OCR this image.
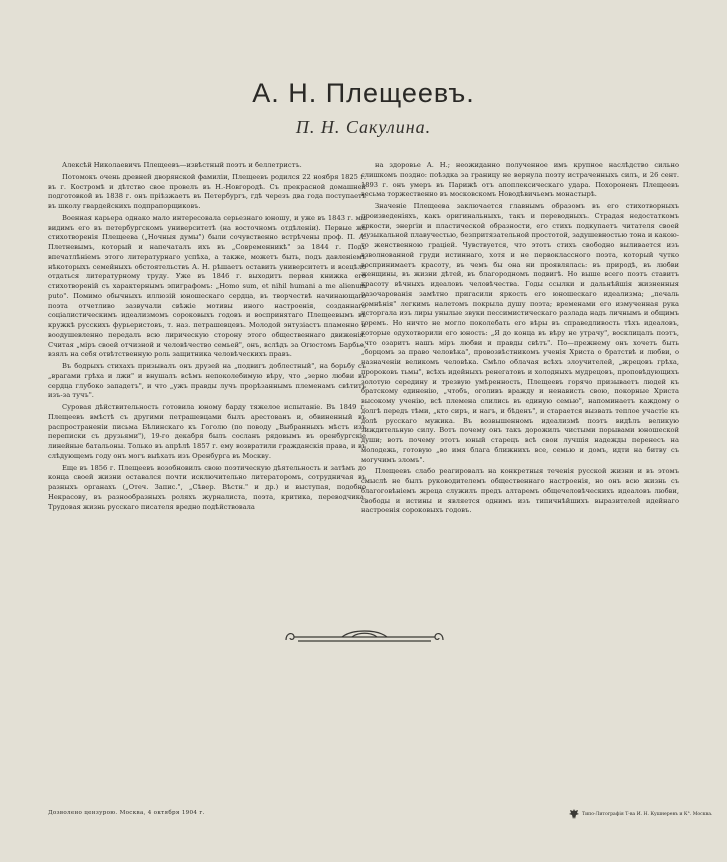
А. Н. Плещеевъ.
П. Н. Сакулина.

Алексѣй Николаевичъ Плещеевъ—извѣстный поэтъ и беллетристъ.

Потомокъ очень древней дворянской фамиліи, Плещеевъ родился 22 ноября 1825 г. въ г. Костромѣ и дѣтство свое провелъ въ Н.-Новгородѣ. Съ прекрасной домашней подготовкой въ 1838 г. онъ пріѣзжаетъ въ Петербургъ, гдѣ черезъ два года поступаетъ въ школу гвардейскихъ подпрапорщиковъ.

Военная карьера однако мало интересовала серьезнаго юношу, и уже въ 1843 г. мы видимъ его въ петербургскомъ университетѣ (на восточномъ отдѣленіи). Первые же стихотворенія Плещеева („Ночныя думы") были сочувственно встрѣчены проф. П. А. Плетневымъ, который и напечаталъ ихъ въ „Современникѣ" за 1844 г. Подъ впечатлѣніемъ этого литературнаго успѣха, а также, можетъ быть, подъ давленіемъ нѣкоторыхъ семейныхъ обстоятельствъ А. Н. рѣшаетъ оставить университетъ и всецѣло отдаться литературному труду. Уже въ 1846 г. выходитъ первая книжка его стихотвореній съ характернымъ эпиграфомъ: „Homo sum, et nihil humani a me alienum puto". Помимо обычныхъ иллюзій юношескаго сердца, въ творчествѣ начинающаго поэта отчетливо зазвучали свѣжіе мотивы иного настроенія, созданнаго соціалистическимъ идеализмомъ сороковыхъ годовъ и воспринятаго Плещеевымъ въ кружкѣ русскихъ фурьеристовъ, т. наз. петрашевцевъ. Молодой энтузіастъ пламенно и воодушевленно передалъ всю лирическую сторону этого общественнаго движенія. Считая „міръ своей отчизной и человѣчество семьей", онъ, вслѣдъ за Огюстомъ Барбье, взялъ на себя отвѣтственную роль защитника человѣческихъ правъ.

Въ бодрыхъ стихахъ призывалъ онъ друзей на „подвигъ доблестный", на борьбу съ „врагами грѣха и лжи" и внушалъ всѣмъ непоколебимую вѣру, что „зерно любви въ сердца глубоко западетъ", и что „ужъ правды лучъ прорѣзаннымъ племенамъ свѣтитъ изъ-за тучъ".

Суровая дѣйствительность готовила юному барду тяжелое испытаніе. Въ 1849 г. Плещеевъ вмѣстѣ съ другими петрашевцами былъ арестованъ и, обвиненный въ распространеніи письма Бѣлинскаго къ Гоголю (по поводу „Выбранныхъ мѣстъ изъ переписки съ друзьями"), 19-го декабря былъ сосланъ рядовымъ въ оренбургскіе линейные батальоны. Только въ апрѣлѣ 1857 г. ему возвратили гражданскія права, и въ слѣдующемъ году онъ могъ выѣхать изъ Оренбурга въ Москву.

Еще въ 1856 г. Плещеевъ возобновилъ свою поэтическую дѣятельность и затѣмъ до конца своей жизни оставался почти исключительно литераторомъ, сотрудничая въ разныхъ органахъ („Отеч. Запис.", „Сѣвер. Вѣстн." и др.) и выступая, подобно Некрасову, въ разнообразныхъ роляхъ журналиста, поэта, критика, переводчика. Трудовая жизнь русскаго писателя вредно подѣйствовала

на здоровье А. Н.; неожиданно полученное имъ крупное наслѣдство сильно слишкомъ поздно: поѣздка за границу не вернула поэту истраченныхъ силъ, и 26 сент. 1893 г. онъ умеръ въ Парижѣ отъ апоплексическаго удара. Похороненъ Плещеевъ весьма торжественно въ московскомъ Новодѣвичьемъ монастырѣ.

Значеніе Плещеева заключается главнымъ образомъ въ его стихотворныхъ произведеніяхъ, какъ оригинальныхъ, такъ и переводныхъ. Страдая недостаткомъ яркости, энергіи и пластической образности, его стихъ подкупаетъ читателя своей музыкальной плавучестью, безпритязательной простотой, задушевностью тона и какою-то женственною граціей. Чувствуется, что этотъ стихъ свободно выливается изъ взволнованной груди истиннаго, хотя и не первоклассного поэта, который чутко воспринимаетъ красоту, въ чемъ бы она ни проявлялась: въ природѣ, въ любви женщины, въ жизни дѣтей, въ благородномъ подвигѣ. Но выше всего поэтъ ставитъ красоту вѣчныхъ идеаловъ человѣчества. Годы ссылки и дальнѣйшія жизненныя разочарованія замѣтно пригасили яркость его юношескаго идеализма; „печаль сомнѣнія" легкимъ налетомъ покрыла душу поэта; временами его измученная рука исторгала изъ лиры унылые звуки пессимистическаго разлада надъ личнымъ и общимъ горемъ. Но ничто не могло поколебать его вѣры въ справедливость тѣхъ идеаловъ, которые одухотворили его юность: „Я до конца въ вѣру не утрачу", восклицалъ поэтъ, „что озаритъ нашъ міръ любви и правды свѣтъ". По—прежнему онъ хочетъ быть „борцомъ за право человѣка", провозвѣстникомъ ученія Христа о братствѣ и любви, о назначеніи великомъ человѣка. Смѣло облачая всѣхъ злоучителей, „жрецовъ грѣха, пророковъ тьмы", всѣхъ идейныхъ ренегатовъ и холодныхъ мудрецовъ, проповѣдующихъ золотую середину и трезвую умѣренность, Плещеевъ горячо призываетъ людей къ братскому единенію, „чтобъ, оголивъ вражду и ненависть свою, покорные Христа высокому ученію, всѣ племена слились въ единую семью", напоминаетъ каждому о долгѣ передъ тѣми, „кто сиръ, и нагъ, и бѣденъ", и старается вызвать теплое участіе къ долѣ русскаго мужика. Въ возвышенномъ идеализмѣ поэтъ видѣлъ великую зиждительную силу. Вотъ почему онъ такъ дорожилъ чистыми порывами юношеской души; вотъ почему этотъ юный старецъ всѣ свои лучшія надежды перенесъ на молодежь, готовую „во имя блага ближнихъ все, семью и домъ, идти на битву съ могучимъ зломъ".

Плещеевъ слабо реагировалъ на конкретныя теченія русской жизни и въ этомъ смыслѣ не былъ руководителемъ общественнаго настроенія, но онъ всю жизнь съ благоговѣніемъ жреца служилъ предъ алтаремъ общечеловѣческихъ идеаловъ любви, свободы и истины и является однимъ изъ типичнѣйшихъ выразителей идейнаго настроенія сороковыхъ годовъ.

Дозволено цензурою. Москва, 4 октября 1904 г.	Типо-Литографія Т-ва И. Н. Кушнеревъ и К°. Москва.
